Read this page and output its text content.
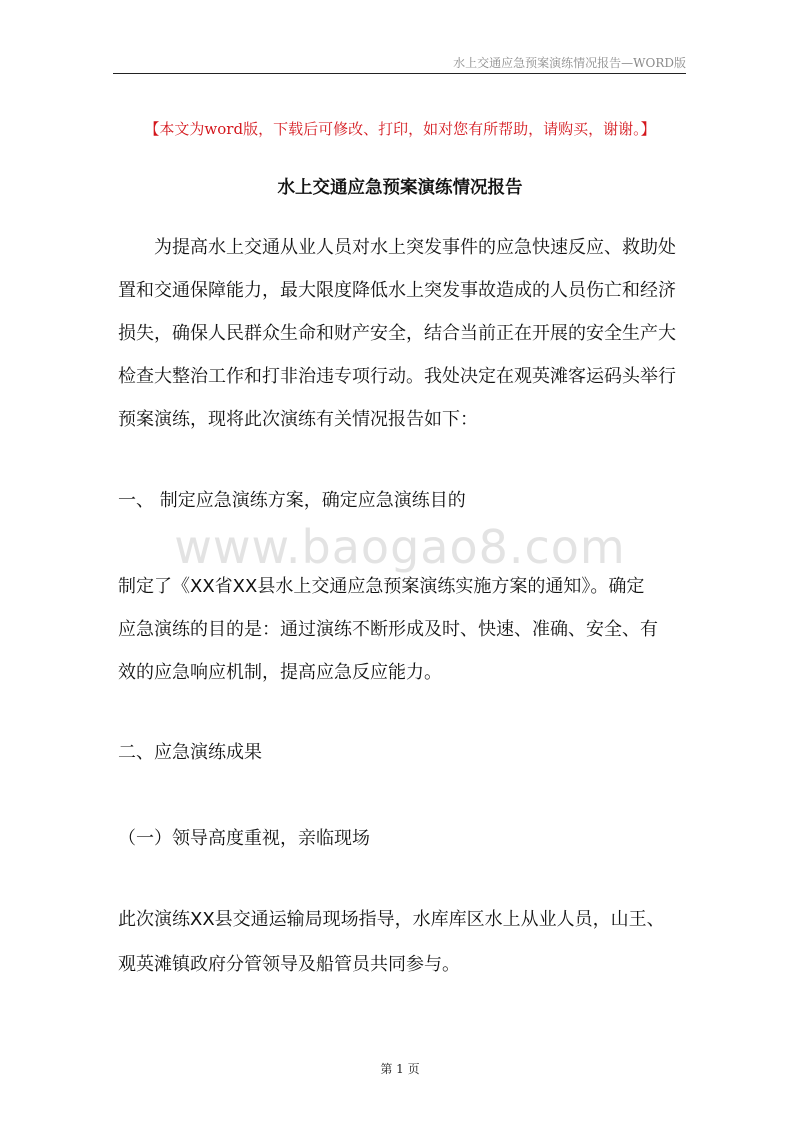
水上交通应急预案演练情况报告—WORD版
【本文为word版，下载后可修改、打印，如对您有所帮助，请购买，谢谢。】
水上交通应急预案演练情况报告

为提高水上交通从业人员对水上突发事件的应急快速反应、救助处置和交通保障能力，最大限度降低水上突发事故造成的人员伤亡和经济损失，确保人民群众生命和财产安全，结合当前正在开展的安全生产大检查大整治工作和打非治违专项行动。我处决定在观英滩客运码头举行预案演练，现将此次演练有关情况报告如下：

一、 制定应急演练方案，确定应急演练目的
www.baogao8.com
制定了《XX省XX县水上交通应急预案演练实施方案的通知》。确定
应急演练的目的是：通过演练不断形成及时、快速、准确、安全、有
效的应急响应机制，提高应急反应能力。
二、应急演练成果
（一）领导高度重视，亲临现场
此次演练XX县交通运输局现场指导，水库库区水上从业人员，山王、
观英滩镇政府分管领导及船管员共同参与。
第 1 页
